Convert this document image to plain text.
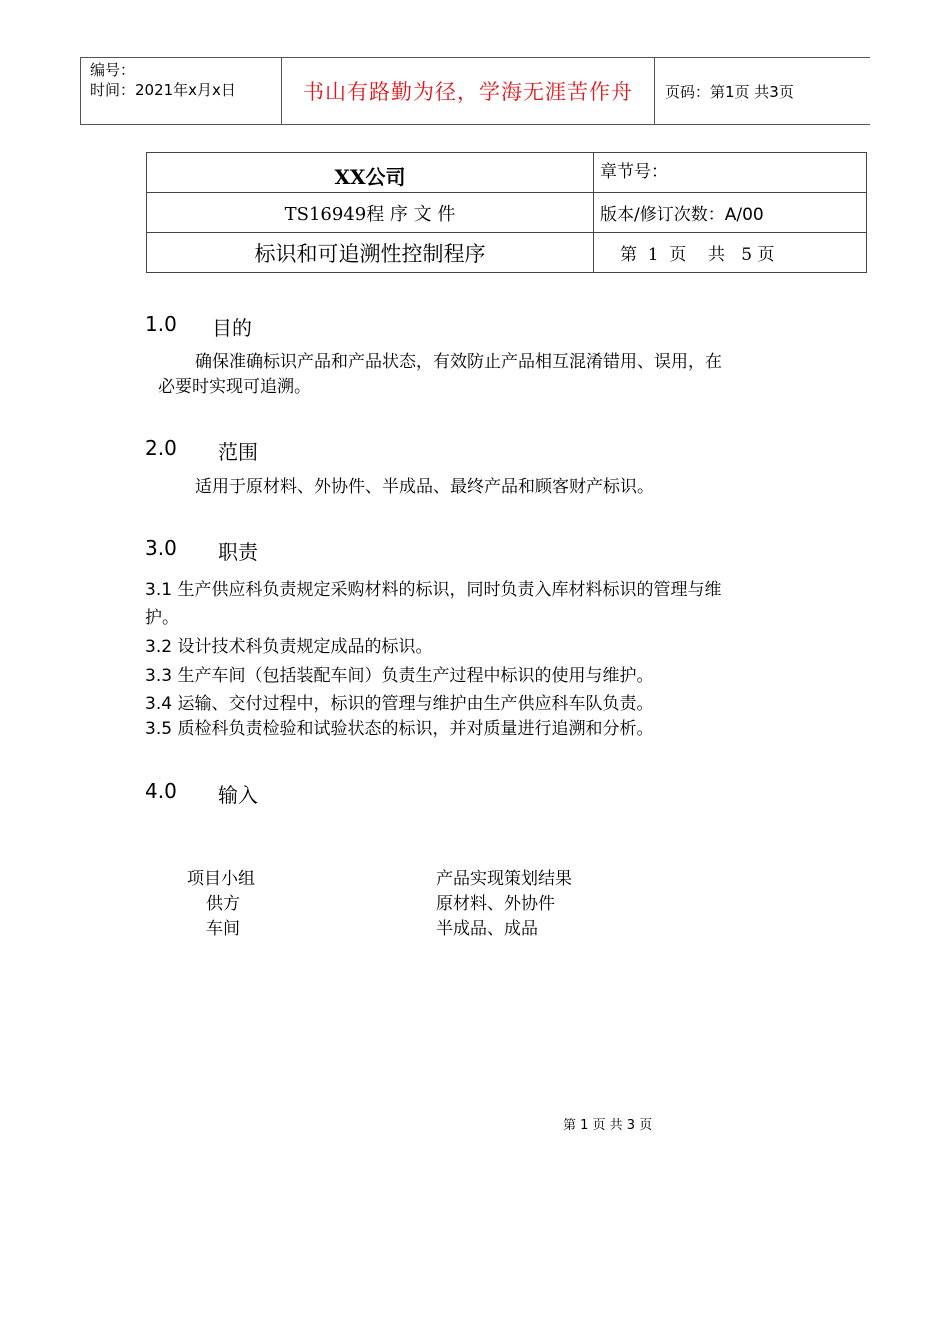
编号：
时间：2021年x月x日	书山有路勤为径，学海无涯苦作舟	页码：第1页 共3页
XX公司	章节号：
TS16949程 序 文 件	版本/修订次数：A/00
标识和可追溯性控制程序	第  1  页    共   5 页
1.0 目的
确保准确标识产品和产品状态，有效防止产品相互混淆错用、误用，在
必要时实现可追溯。
2.0 范围
适用于原材料、外协件、半成品、最终产品和顾客财产标识。
3.0 职责
3.1 生产供应科负责规定采购材料的标识，同时负责入库材料标识的管理与维
护。
3.2 设计技术科负责规定成品的标识。
3.3 生产车间（包括装配车间）负责生产过程中标识的使用与维护。
3.4 运输、交付过程中，标识的管理与维护由生产供应科车队负责。
3.5 质检科负责检验和试验状态的标识，并对质量进行追溯和分析。
4.0 输入
项目小组	产品实现策划结果
供方	原材料、外协件
车间	半成品、成品
第 1 页 共 3 页
